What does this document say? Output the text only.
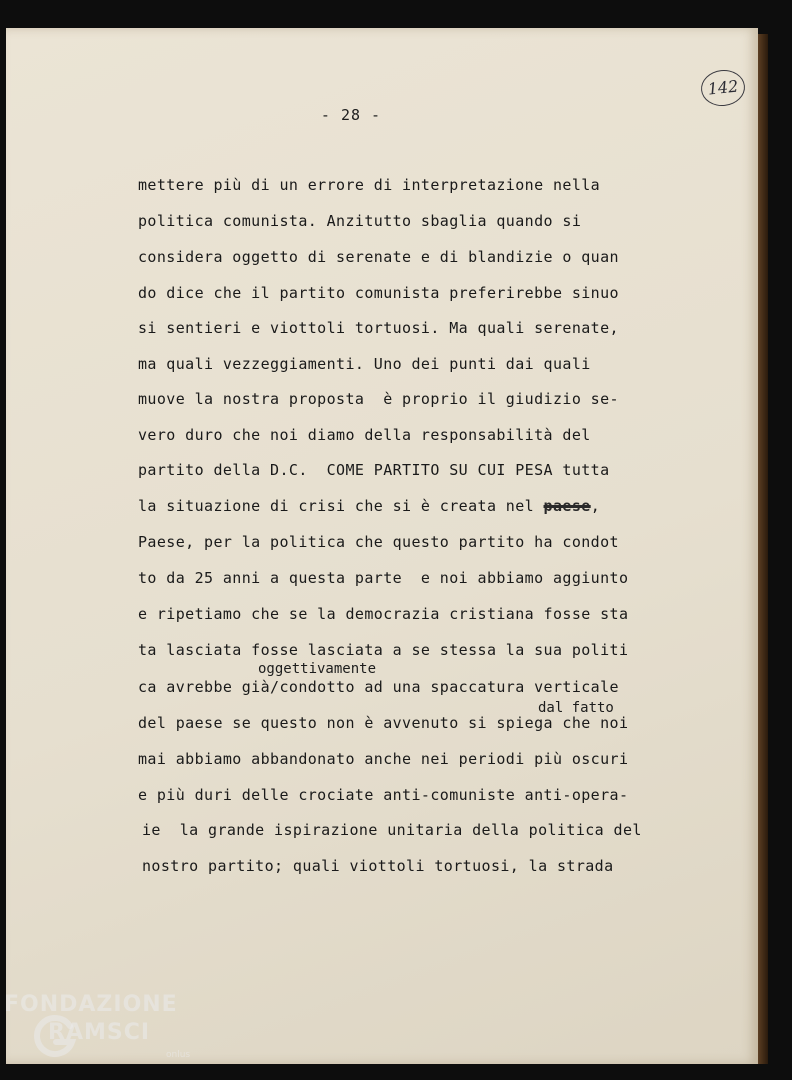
- 28 -
142
mettere più di un errore di interpretazione nella
politica comunista. Anzitutto sbaglia quando si
considera oggetto di serenate e di blandizie o quan
do dice che il partito comunista preferirebbe sinuo
si sentieri e viottoli tortuosi. Ma quali serenate,
ma quali vezzeggiamenti. Uno dei punti dai quali
muove la nostra proposta  è proprio il giudizio se-
vero duro che noi diamo della responsabilità del
partito della D.C.  COME PARTITO SU CUI PESA tutta
la situazione di crisi che si è creata nel paese,
Paese, per la politica che questo partito ha condot
to da 25 anni a questa parte  e noi abbiamo aggiunto
e ripetiamo che se la democrazia cristiana fosse sta
ta lasciata fosse lasciata a se stessa la sua politi
oggettivamente
ca avrebbe già/condotto ad una spaccatura verticale
dal fatto
del paese se questo non è avvenuto si spiega che noi
mai abbiamo abbandonato anche nei periodi più oscuri
e più duri delle crociate anti-comuniste anti-opera-
ie  la grande ispirazione unitaria della politica del
nostro partito; quali viottoli tortuosi, la strada
FONDAZIONE
RAMSCI
onlus
